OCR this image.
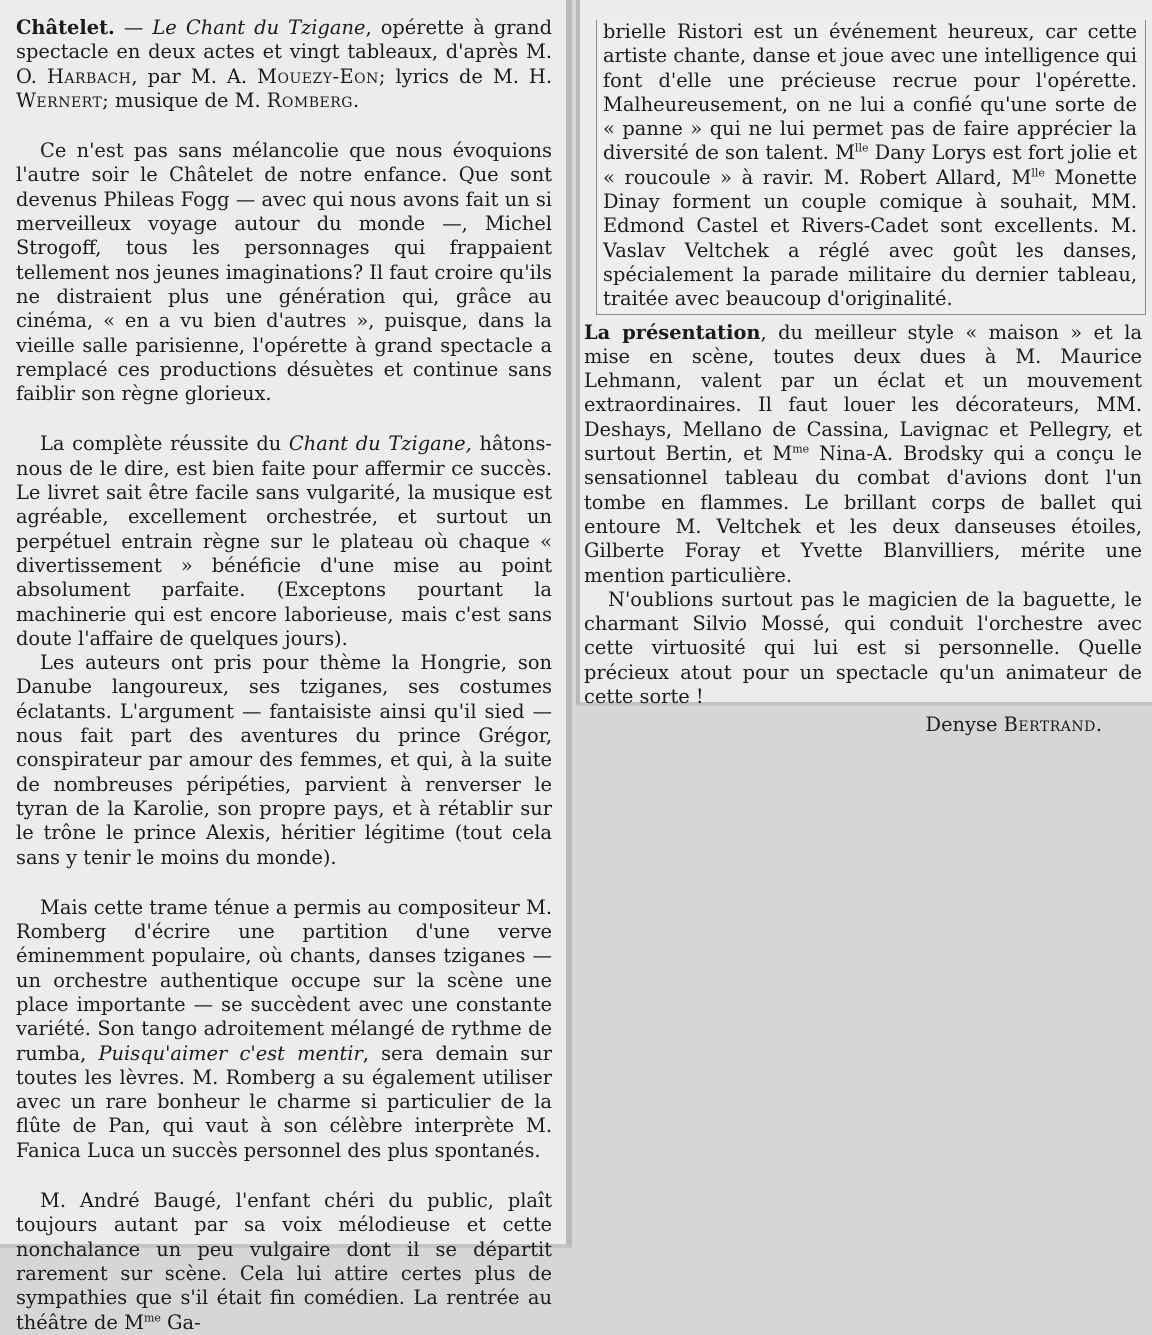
Châtelet. — Le Chant du Tzigane, opérette à grand spectacle en deux actes et vingt tableaux, d'après M. O. Harbach, par M. A. Mouezy-Eon; lyrics de M. H. Wernert; musique de M. Romberg.

Ce n'est pas sans mélancolie que nous évoquions l'autre soir le Châtelet de notre enfance. Que sont devenus Phileas Fogg — avec qui nous avons fait un si merveilleux voyage autour du monde —, Michel Strogoff, tous les personnages qui frappaient tellement nos jeunes imaginations? Il faut croire qu'ils ne distraient plus une génération qui, grâce au cinéma, « en a vu bien d'autres », puisque, dans la vieille salle parisienne, l'opérette à grand spectacle a remplacé ces productions désuètes et continue sans faiblir son règne glorieux.

La complète réussite du Chant du Tzigane, hâtons-nous de le dire, est bien faite pour affermir ce succès. Le livret sait être facile sans vulgarité, la musique est agréable, excellement orchestrée, et surtout un perpétuel entrain règne sur le plateau où chaque « divertissement » bénéficie d'une mise au point absolument parfaite. (Exceptons pourtant la machinerie qui est encore laborieuse, mais c'est sans doute l'affaire de quelques jours).

Les auteurs ont pris pour thème la Hongrie, son Danube langoureux, ses tziganes, ses costumes éclatants. L'argument — fantaisiste ainsi qu'il sied — nous fait part des aventures du prince Grégor, conspirateur par amour des femmes, et qui, à la suite de nombreuses péripéties, parvient à renverser le tyran de la Karolie, son propre pays, et à rétablir sur le trône le prince Alexis, héritier légitime (tout cela sans y tenir le moins du monde).

Mais cette trame ténue a permis au compositeur M. Romberg d'écrire une partition d'une verve éminemment populaire, où chants, danses tziganes — un orchestre authentique occupe sur la scène une place importante — se succèdent avec une constante variété. Son tango adroitement mélangé de rythme de rumba, Puisqu'aimer c'est mentir, sera demain sur toutes les lèvres. M. Romberg a su également utiliser avec un rare bonheur le charme si particulier de la flûte de Pan, qui vaut à son célèbre interprète M. Fanica Luca un succès personnel des plus spontanés.

M. André Baugé, l'enfant chéri du public, plaît toujours autant par sa voix mélodieuse et cette nonchalance un peu vulgaire dont il se départit rarement sur scène. Cela lui attire certes plus de sympathies que s'il était fin comédien. La rentrée au théâtre de $M^{me}$ Ga-

brielle Ristori est un événement heureux, car cette artiste chante, danse et joue avec une intelligence qui font d'elle une précieuse recrue pour l'opérette. Malheureusement, on ne lui a confié qu'une sorte de « panne » qui ne lui permet pas de faire apprécier la diversité de son talent. $M^{lle}$ Dany Lorys est fort jolie et « roucoule » à ravir. M. Robert Allard, $M^{lle}$ Monette Dinay forment un couple comique à souhait, MM. Edmond Castel et Rivers-Cadet sont excellents. M. Vaslav Veltchek a réglé avec goût les danses, spécialement la parade militaire du dernier tableau, traitée avec beaucoup d'originalité.

La présentation, du meilleur style « maison » et la mise en scène, toutes deux dues à M. Maurice Lehmann, valent par un éclat et un mouvement extraordinaires. Il faut louer les décorateurs, MM. Deshays, Mellano de Cassina, Lavignac et Pellegry, et surtout Bertin, et $M^{me}$ Nina-A. Brodsky qui a conçu le sensationnel tableau du combat d'avions dont l'un tombe en flammes. Le brillant corps de ballet qui entoure M. Veltchek et les deux danseuses étoiles, Gilberte Foray et Yvette Blanvilliers, mérite une mention particulière.

N'oublions surtout pas le magicien de la baguette, le charmant Silvio Mossé, qui conduit l'orchestre avec cette virtuosité qui lui est si personnelle. Quelle précieux atout pour un spectacle qu'un animateur de cette sorte !

Denyse Bertrand.
